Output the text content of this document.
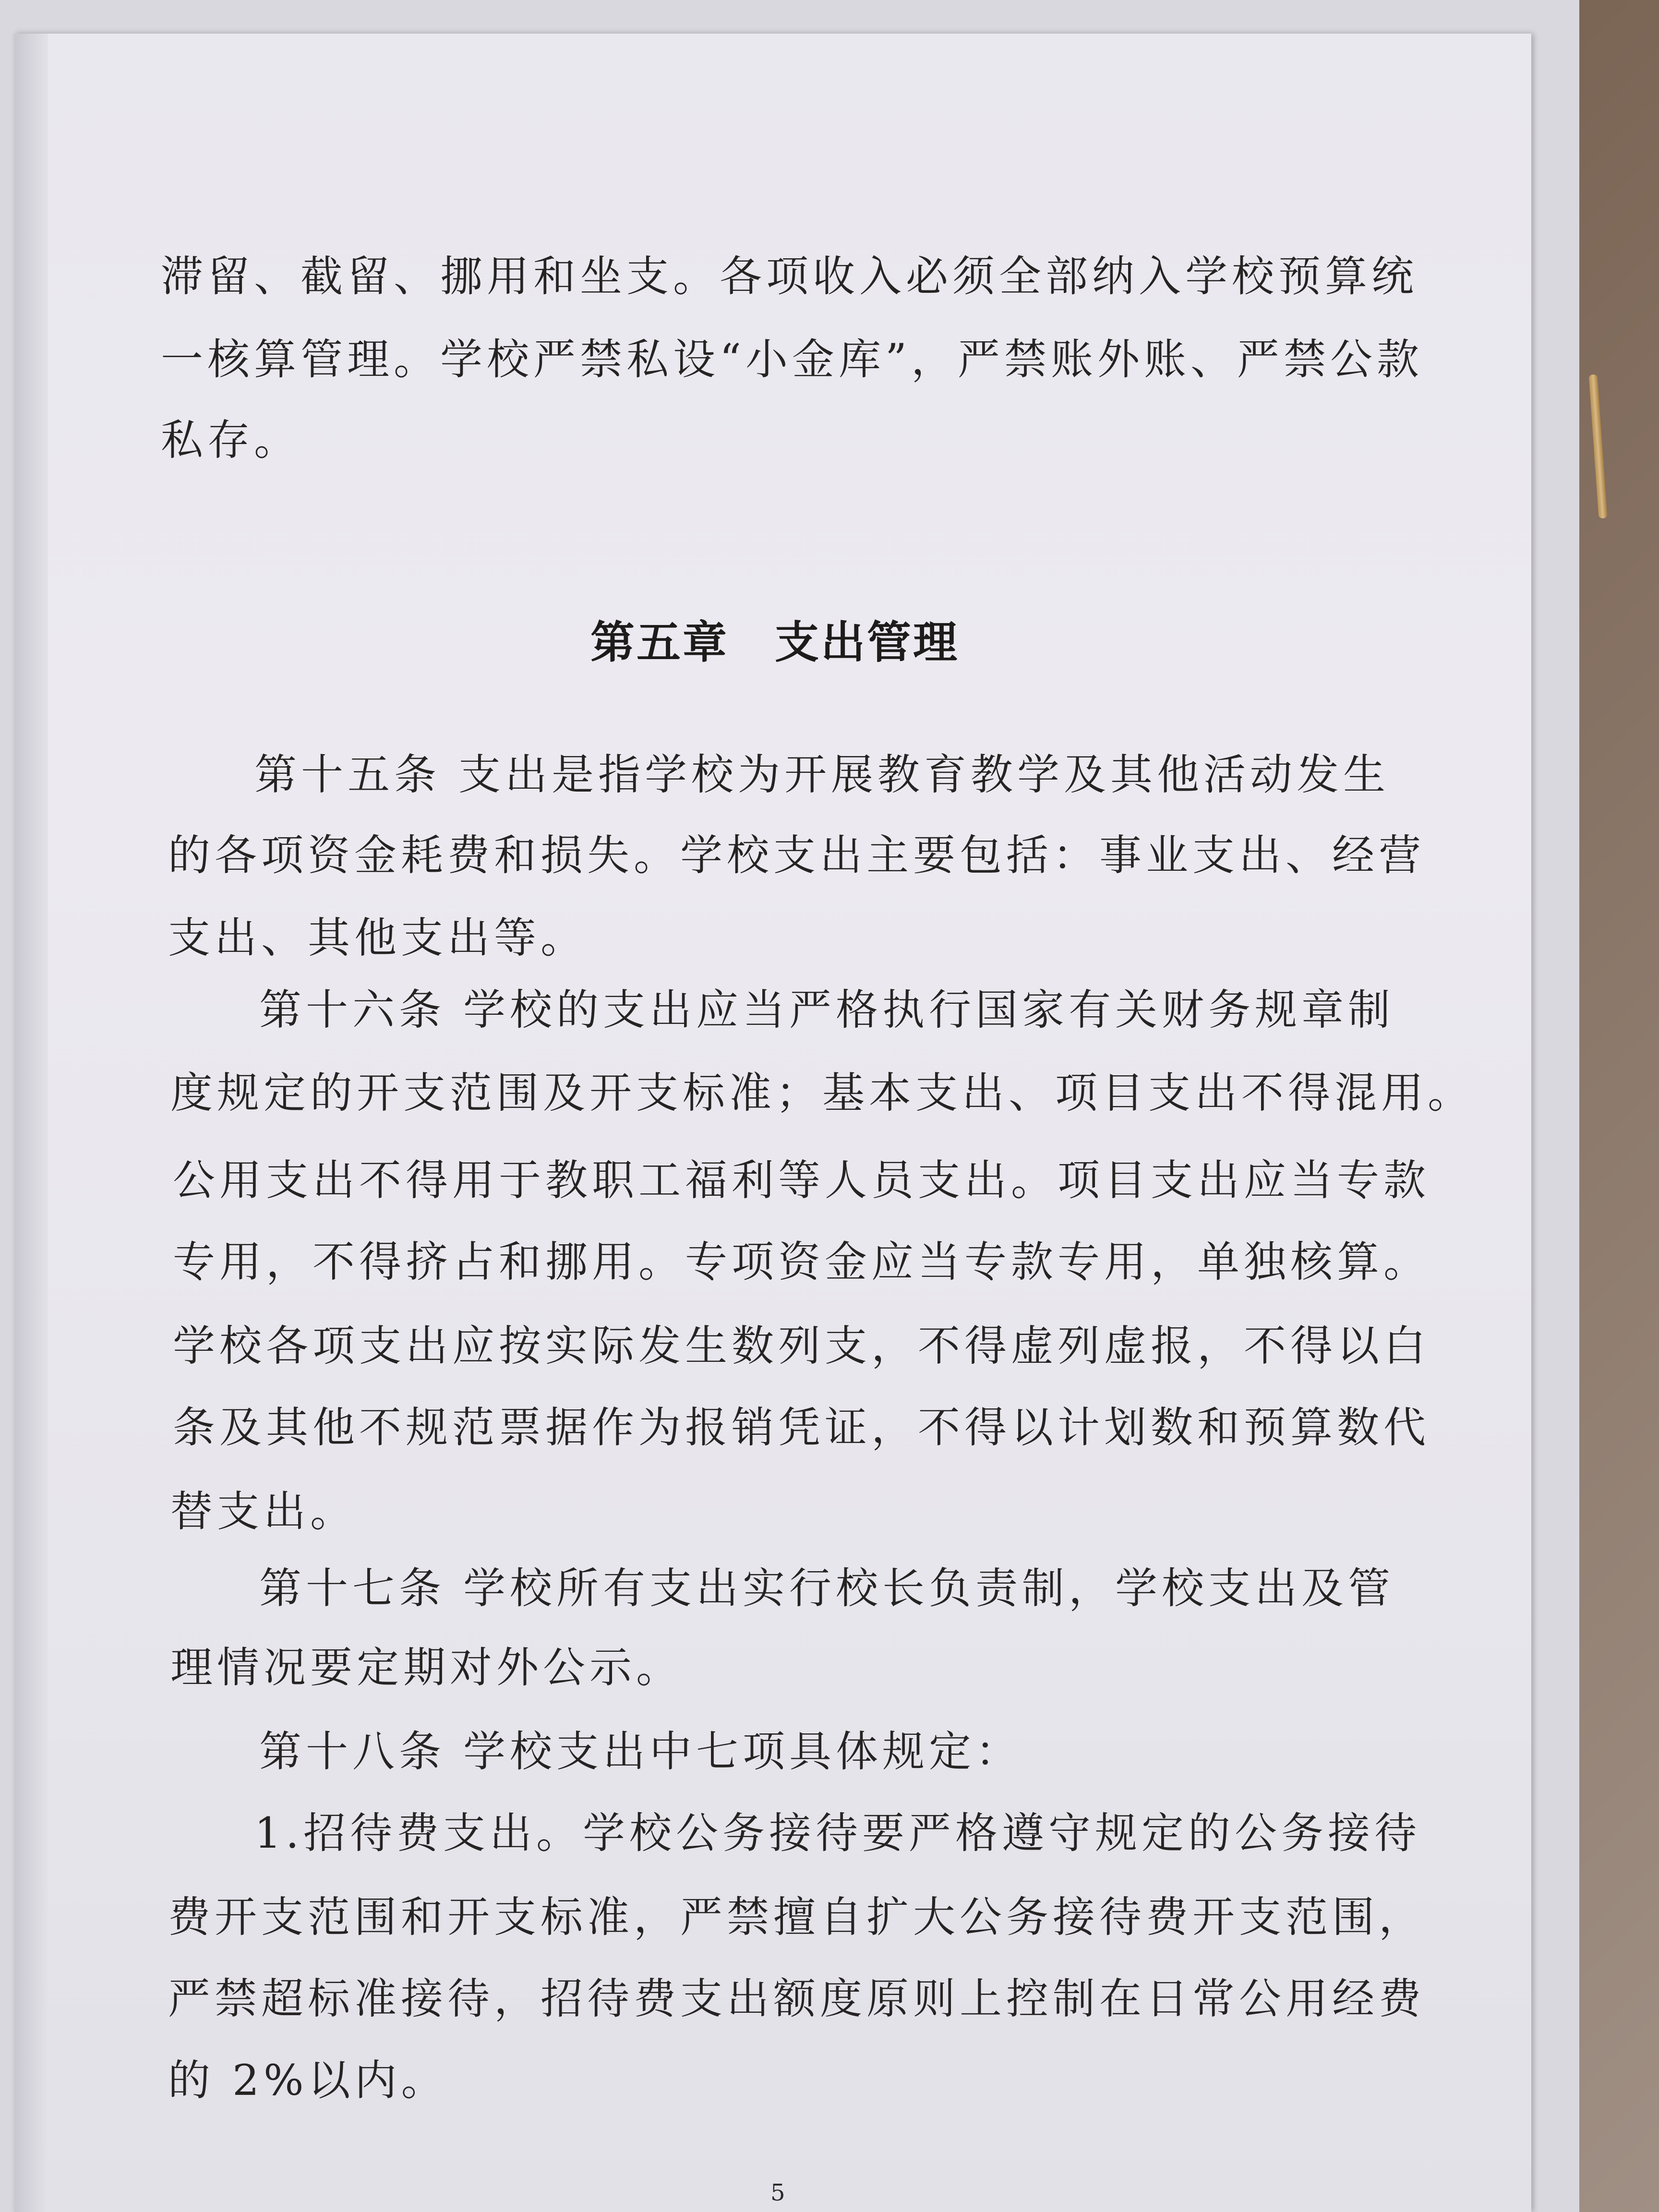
滞留、截留、挪用和坐支。各项收入必须全部纳入学校预算统
一核算管理。学校严禁私设“小金库”，严禁账外账、严禁公款
私存。
第五章　支出管理
第十五条 支出是指学校为开展教育教学及其他活动发生
的各项资金耗费和损失。学校支出主要包括：事业支出、经营
支出、其他支出等。
第十六条 学校的支出应当严格执行国家有关财务规章制
度规定的开支范围及开支标准；基本支出、项目支出不得混用。
公用支出不得用于教职工福利等人员支出。项目支出应当专款
专用，不得挤占和挪用。专项资金应当专款专用，单独核算。
学校各项支出应按实际发生数列支，不得虚列虚报，不得以白
条及其他不规范票据作为报销凭证，不得以计划数和预算数代
替支出。
第十七条 学校所有支出实行校长负责制，学校支出及管
理情况要定期对外公示。
第十八条 学校支出中七项具体规定：
1.招待费支出。学校公务接待要严格遵守规定的公务接待
费开支范围和开支标准，严禁擅自扩大公务接待费开支范围，
严禁超标准接待，招待费支出额度原则上控制在日常公用经费
的 2%以内。
5
